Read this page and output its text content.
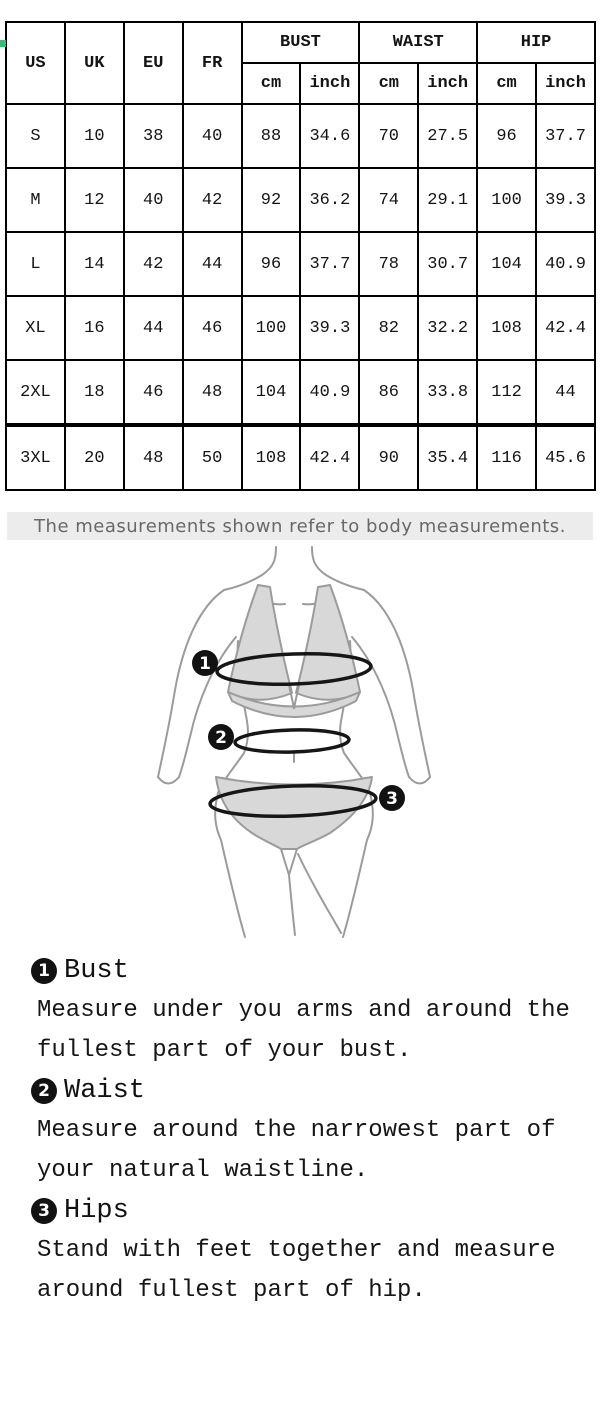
US	UK	EU	FR	BUST		WAIST		HIP	
				cm	inch	cm	inch	cm	inch
S	10	38	40	88	34.6	70	27.5	96	37.7
M	12	40	42	92	36.2	74	29.1	100	39.3
L	14	42	44	96	37.7	78	30.7	104	40.9
XL	16	44	46	100	39.3	82	32.2	108	42.4
2XL	18	46	48	104	40.9	86	33.8	112	44
3XL	20	48	50	108	42.4	90	35.4	116	45.6
The measurements shown refer to body measurements.
1
2
3
1 Bust

Measure under you arms and around the fullest part of your bust.

2 Waist

Measure around the narrowest part of your natural waistline.

3 Hips

Stand with feet together and measure around fullest part of hip.
